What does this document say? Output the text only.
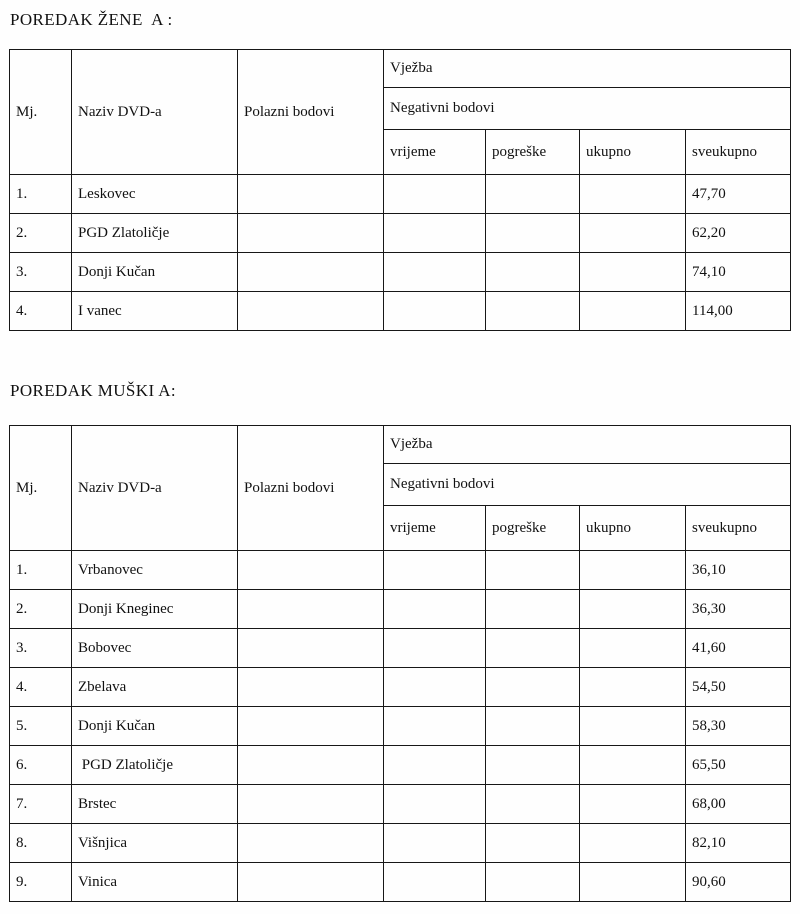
POREDAK ŽENE  A :
Mj.	Naziv DVD-a	Polazni bodovi	Vježba			
			Negativni bodovi			
			vrijeme	pogreške	ukupno	sveukupno
1.	Leskovec					47,70
2.	PGD Zlatoličje					62,20
3.	Donji Kučan					74,10
4.	I vanec					114,00
POREDAK MUŠKI A:
Mj.	Naziv DVD-a	Polazni bodovi	Vježba			
			Negativni bodovi			
			vrijeme	pogreške	ukupno	sveukupno
1.	Vrbanovec					36,10
2.	Donji Kneginec					36,30
3.	Bobovec					41,60
4.	Zbelava					54,50
5.	Donji Kučan					58,30
6.	PGD Zlatoličje					65,50
7.	Brstec					68,00
8.	Višnjica					82,10
9.	Vinica					90,60
